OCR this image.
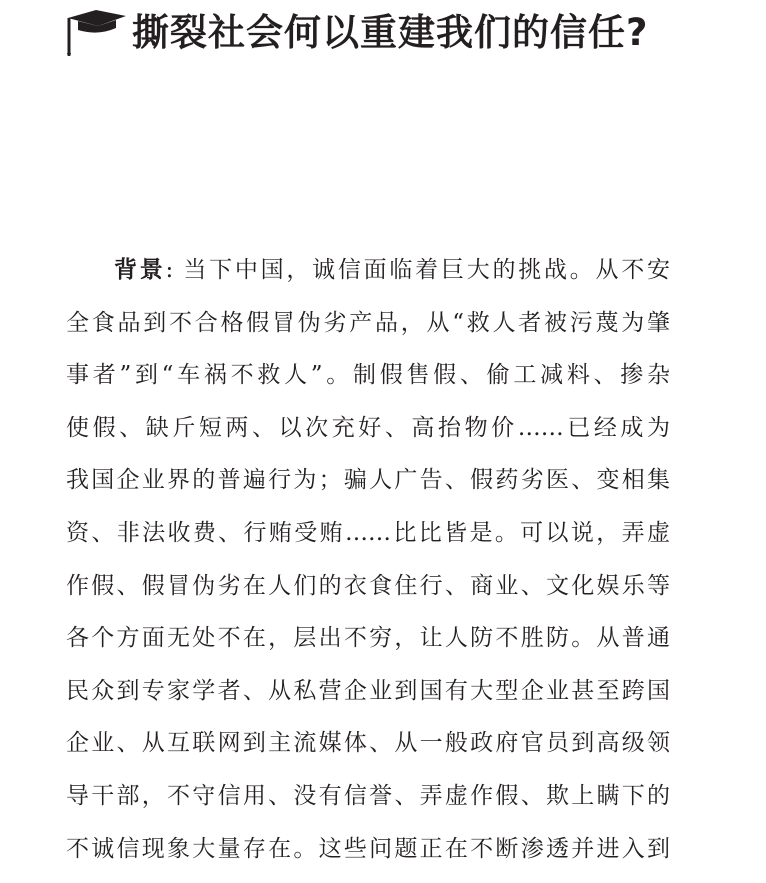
撕裂社会何以重建我们的信任?
背景: 当下中国，诚信面临着巨大的挑战。从不安
全食品到不合格假冒伪劣产品，从“救人者被污蔑为肇
事者”到“车祸不救人”。制假售假、偷工减料、掺杂
使假、缺斤短两、以次充好、高抬物价……已经成为
我国企业界的普遍行为；骗人广告、假药劣医、变相集
资、非法收费、行贿受贿……比比皆是。可以说，弄虚
作假、假冒伪劣在人们的衣食住行、商业、文化娱乐等
各个方面无处不在，层出不穷，让人防不胜防。从普通
民众到专家学者、从私营企业到国有大型企业甚至跨国
企业、从互联网到主流媒体、从一般政府官员到高级领
导干部，不守信用、没有信誉、弄虚作假、欺上瞒下的
不诚信现象大量存在。这些问题正在不断渗透并进入到
